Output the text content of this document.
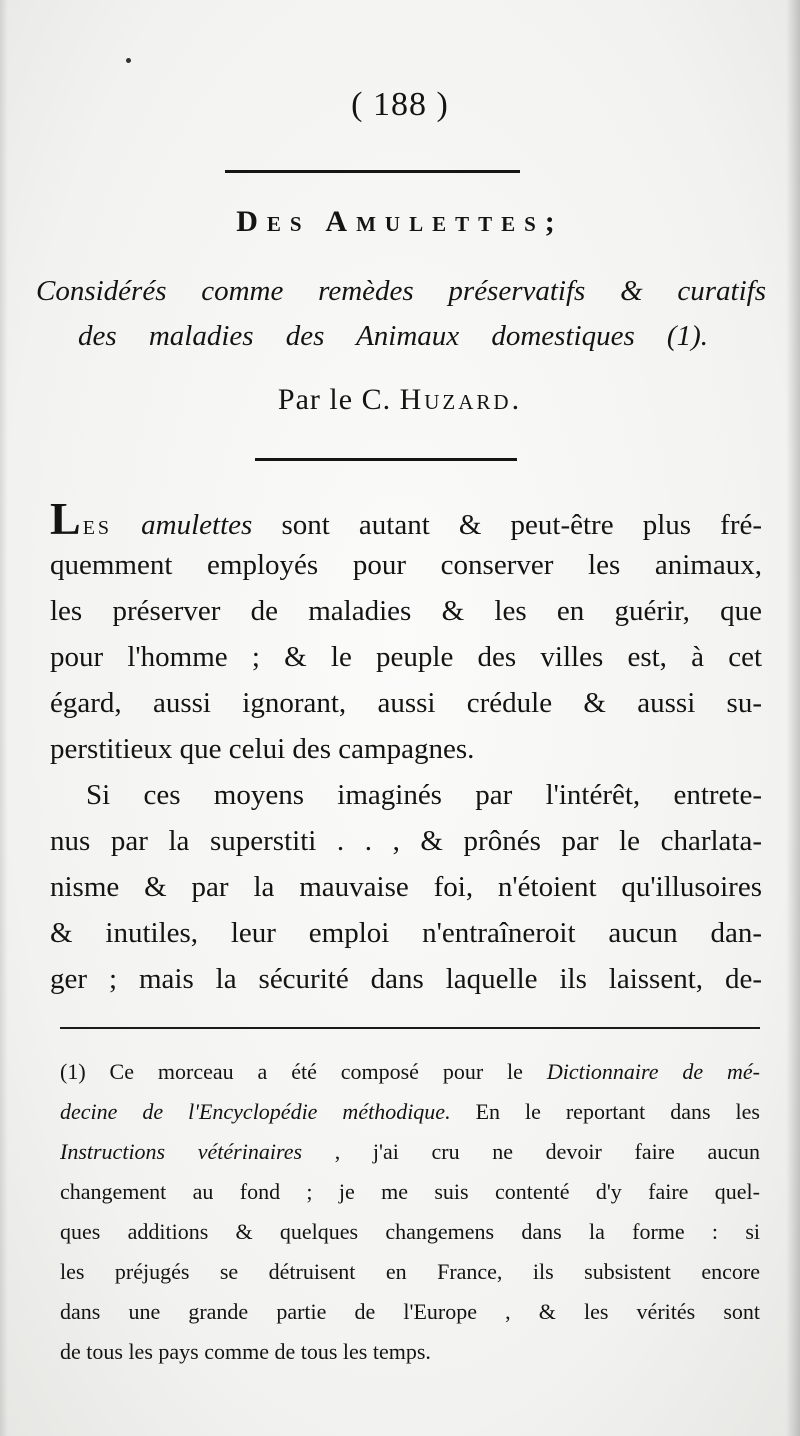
( 188 )
Des Amulettes;
Considérés comme remèdes préservatifs & curatifs
des maladies des Animaux domestiques (1).
Par le C. Huzard.
Les amulettes sont autant & peut-être plus fré-
quemment employés pour conserver les animaux,
les préserver de maladies & les en guérir, que
pour l'homme ; & le peuple des villes est, à cet
égard, aussi ignorant, aussi crédule & aussi su-
perstitieux que celui des campagnes.
Si ces moyens imaginés par l'intérêt, entrete-
nus par la superstiti . . , & prônés par le charlata-
nisme & par la mauvaise foi, n'étoient qu'illusoires
& inutiles, leur emploi n'entraîneroit aucun dan-
ger ; mais la sécurité dans laquelle ils laissent, de-
(1) Ce morceau a été composé pour le Dictionnaire de mé-
decine de l'Encyclopédie méthodique. En le reportant dans les
Instructions vétérinaires , j'ai cru ne devoir faire aucun
changement au fond ; je me suis contenté d'y faire quel-
ques additions & quelques changemens dans la forme : si
les préjugés se détruisent en France, ils subsistent encore
dans une grande partie de l'Europe , & les vérités sont
de tous les pays comme de tous les temps.
